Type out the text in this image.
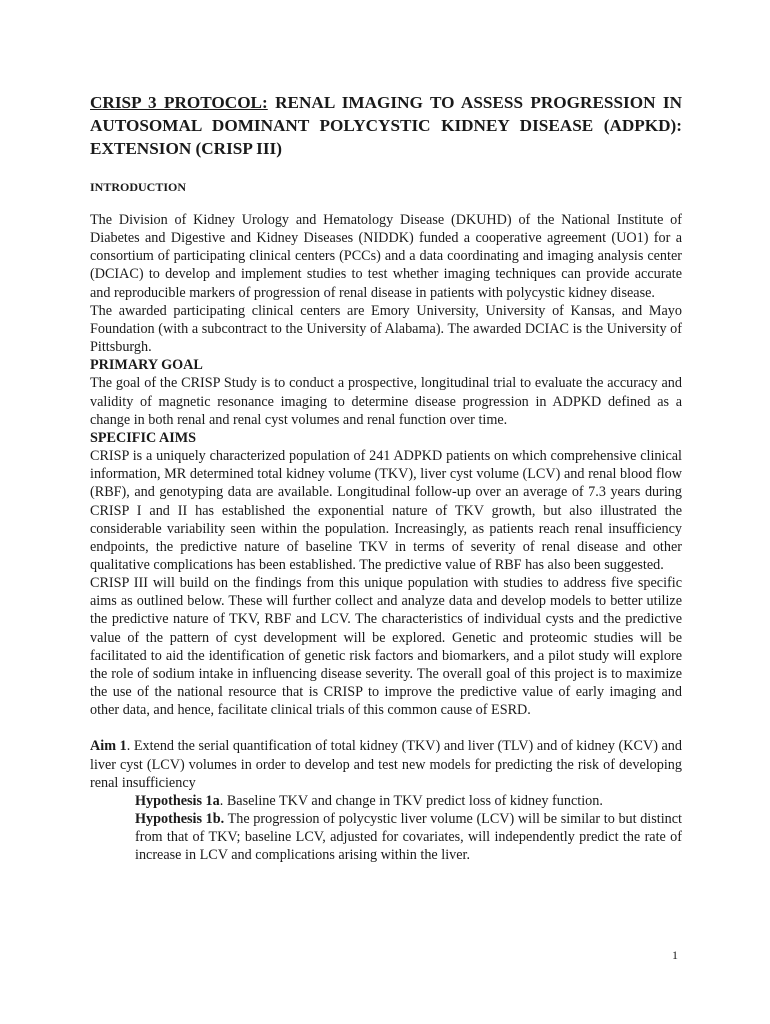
CRISP 3 PROTOCOL: RENAL IMAGING TO ASSESS PROGRESSION IN AUTOSOMAL DOMINANT POLYCYSTIC KIDNEY DISEASE (ADPKD): EXTENSION (CRISP III)
INTRODUCTION

The Division of Kidney Urology and Hematology Disease (DKUHD) of the National Institute of Diabetes and Digestive and Kidney Diseases (NIDDK) funded a cooperative agreement (UO1) for a consortium of participating clinical centers (PCCs) and a data coordinating and imaging analysis center (DCIAC) to develop and implement studies to test whether imaging techniques can provide accurate and reproducible markers of progression of renal disease in patients with polycystic kidney disease.

The awarded participating clinical centers are Emory University, University of Kansas, and Mayo Foundation (with a subcontract to the University of Alabama). The awarded DCIAC is the University of Pittsburgh.

PRIMARY GOAL

The goal of the CRISP Study is to conduct a prospective, longitudinal trial to evaluate the accuracy and validity of magnetic resonance imaging to determine disease progression in ADPKD defined as a change in both renal and renal cyst volumes and renal function over time.

SPECIFIC AIMS

CRISP is a uniquely characterized population of 241 ADPKD patients on which comprehensive clinical information, MR determined total kidney volume (TKV), liver cyst volume (LCV) and renal blood flow (RBF), and genotyping data are available. Longitudinal follow-up over an average of 7.3 years during CRISP I and II has established the exponential nature of TKV growth, but also illustrated the considerable variability seen within the population. Increasingly, as patients reach renal insufficiency endpoints, the predictive nature of baseline TKV in terms of severity of renal disease and other qualitative complications has been established. The predictive value of RBF has also been suggested.

CRISP III will build on the findings from this unique population with studies to address five specific aims as outlined below. These will further collect and analyze data and develop models to better utilize the predictive nature of TKV, RBF and LCV. The characteristics of individual cysts and the predictive value of the pattern of cyst development will be explored. Genetic and proteomic studies will be facilitated to aid the identification of genetic risk factors and biomarkers, and a pilot study will explore the role of sodium intake in influencing disease severity. The overall goal of this project is to maximize the use of the national resource that is CRISP to improve the predictive value of early imaging and other data, and hence, facilitate clinical trials of this common cause of ESRD.

Aim 1. Extend the serial quantification of total kidney (TKV) and liver (TLV) and of kidney (KCV) and liver cyst (LCV) volumes in order to develop and test new models for predicting the risk of developing renal insufficiency

Hypothesis 1a. Baseline TKV and change in TKV predict loss of kidney function.

Hypothesis 1b. The progression of polycystic liver volume (LCV) will be similar to but distinct from that of TKV; baseline LCV, adjusted for covariates, will independently predict the rate of increase in LCV and complications arising within the liver.

1
